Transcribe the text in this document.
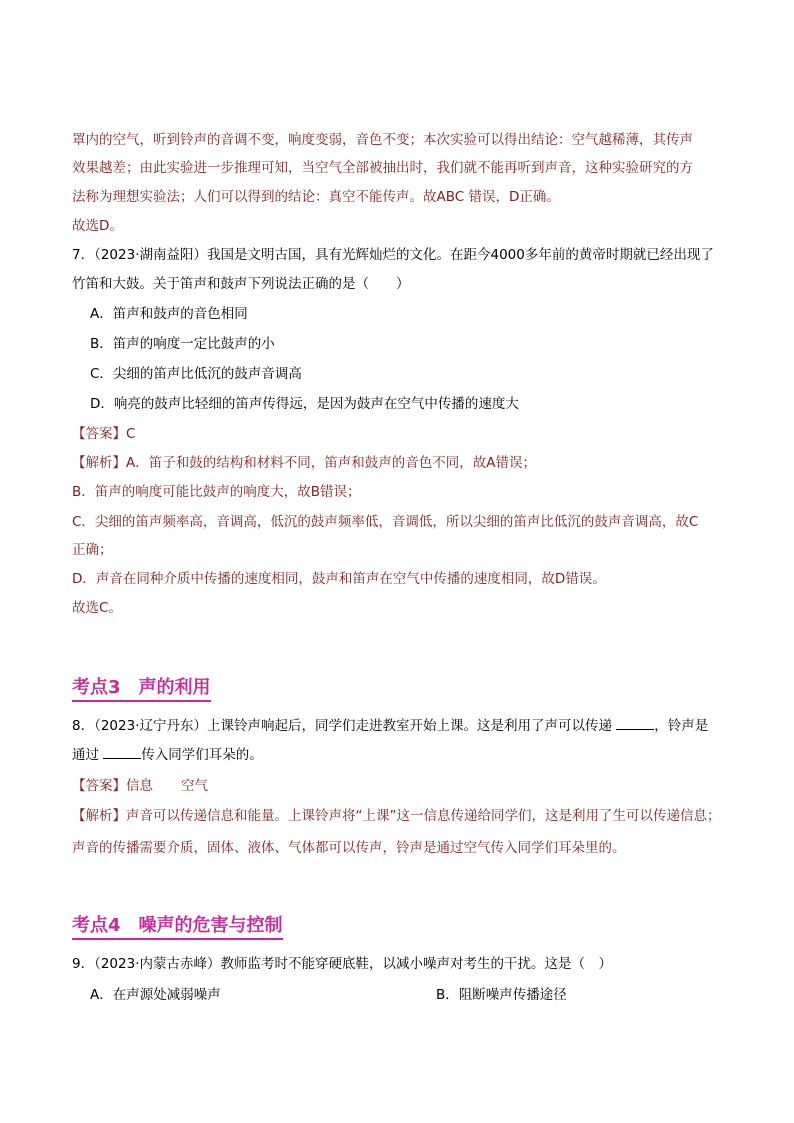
罩内的空气，听到铃声的音调不变，响度变弱，音色不变；本次实验可以得出结论：空气越稀薄，其传声
效果越差；由此实验进一步推理可知，当空气全部被抽出时，我们就不能再听到声音，这种实验研究的方
法称为理想实验法；人们可以得到的结论：真空不能传声。故ABC 错误，D正确。
故选D。
7．（2023·湖南益阳）我国是文明古国，具有光辉灿烂的文化。在距今4000多年前的黄帝时期就已经出现了
竹笛和大鼓。关于笛声和鼓声下列说法正确的是（　　）
A．笛声和鼓声的音色相同
B．笛声的响度一定比鼓声的小
C．尖细的笛声比低沉的鼓声音调高
D．响亮的鼓声比轻细的笛声传得远，是因为鼓声在空气中传播的速度大
【答案】C
【解析】A．笛子和鼓的结构和材料不同，笛声和鼓声的音色不同，故A错误；
B．笛声的响度可能比鼓声的响度大，故B错误；
C．尖细的笛声频率高，音调高，低沉的鼓声频率低，音调低，所以尖细的笛声比低沉的鼓声音调高，故C
正确；
D．声音在同种介质中传播的速度相同，鼓声和笛声在空气中传播的速度相同，故D错误。
故选C。
考点3　声的利用
8．（2023·辽宁丹东）上课铃声响起后，同学们走进教室开始上课。这是利用了声可以传递	，铃声是
通过	传入同学们耳朵的。
【答案】信息 空气
【解析】声音可以传递信息和能量。上课铃声将“上课”这一信息传递给同学们，这是利用了生可以传递信息；
声音的传播需要介质，固体、液体、气体都可以传声，铃声是通过空气传入同学们耳朵里的。
考点4　噪声的危害与控制
9．（2023·内蒙古赤峰）教师监考时不能穿硬底鞋，以减小噪声对考生的干扰。这是（　）
A．在声源处减弱噪声	B．阻断噪声传播途径
